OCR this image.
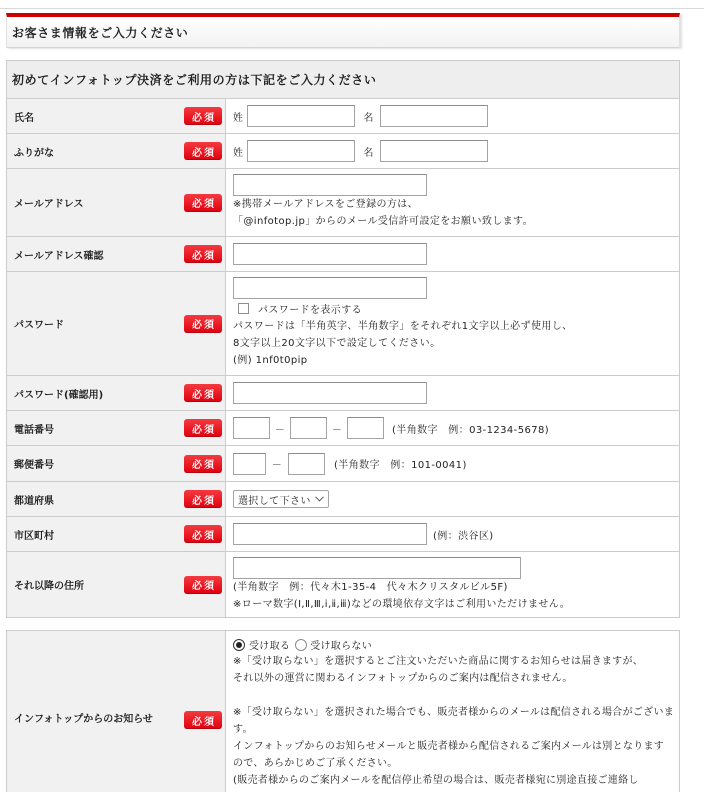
お客さま情報をご入力ください
初めてインフォトップ決済をご利用の方は下記をご入力ください
氏名	必須	姓	名
ふりがな	必須	姓	名
メールアドレス	必須	※携帯メールアドレスをご登録の方は、
「@infotop.jp」からのメール受信許可設定をお願い致します。
メールアドレス確認	必須
パスワード	必須
パスワードを表示する
パスワードは「半角英字、半角数字」をそれぞれ1文字以上必ず使用し、
8文字以上20文字以下で設定してください。
(例) 1nf0t0pip
パスワード(確認用)	必須
電話番号	必須	－	－	(半角数字　例：03-1234-5678)
郵便番号	必須	－	(半角数字　例：101-0041)
都道府県	必須	選択して下さい
市区町村	必須	(例：渋谷区)
それ以降の住所	必須	(半角数字　例：代々木1-35-4　代々木クリスタルビル5F)
※ローマ数字(Ⅰ,Ⅱ,Ⅲ,ⅰ,ⅱ,ⅲ)などの環境依存文字はご利用いただけません。
インフォトップからのお知らせ	必須
受け取る 受け取らない
※「受け取らない」を選択するとご注文いただいた商品に関するお知らせは届きますが、
それ以外の運営に関わるインフォトップからのご案内は配信されません。
※「受け取らない」を選択された場合でも、販売者様からのメールは配信される場合がございま
す。
インフォトップからのお知らせメールと販売者様から配信されるご案内メールは別となります
ので、あらかじめご了承ください。
(販売者様からのご案内メールを配信停止希望の場合は、販売者様宛に別途直接ご連絡し
